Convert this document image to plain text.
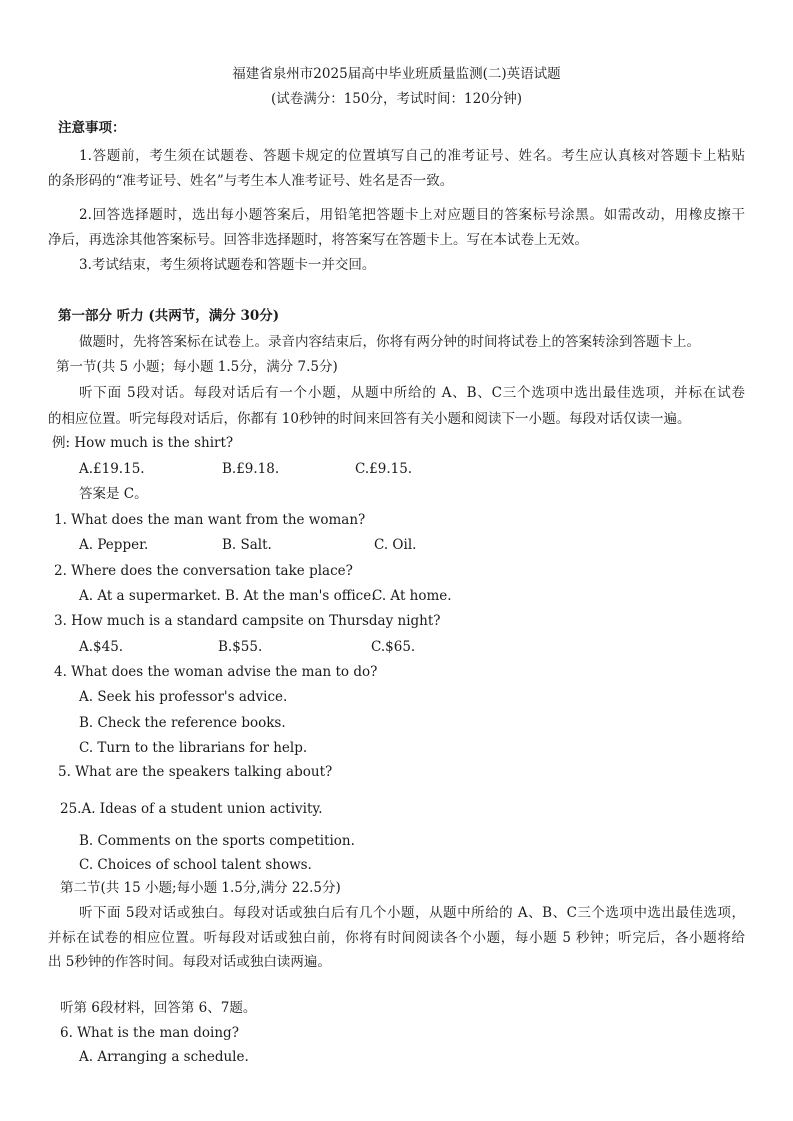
福建省泉州市2025届高中毕业班质量监测(二)英语试题
(试卷满分：150分，考试时间：120分钟)
注意事项：
1.答题前，考生须在试题卷、答题卡规定的位置填写自己的准考证号、姓名。考生应认真核对答题卡上粘贴
的条形码的“准考证号、姓名”与考生本人准考证号、姓名是否一致。
2.回答选择题时，选出每小题答案后，用铅笔把答题卡上对应题目的答案标号涂黑。如需改动，用橡皮擦干
净后，再选涂其他答案标号。回答非选择题时，将答案写在答题卡上。写在本试卷上无效。
3.考试结束，考生须将试题卷和答题卡一并交回。
第一部分 听力 (共两节，满分 30分)
做题时，先将答案标在试卷上。录音内容结束后，你将有两分钟的时间将试卷上的答案转涂到答题卡上。
第一节(共 5 小题；每小题 1.5分，满分 7.5分)
听下面 5段对话。每段对话后有一个小题，从题中所给的 A、B、C三个选项中选出最佳选项，并标在试卷
的相应位置。听完每段对话后，你都有 10秒钟的时间来回答有关小题和阅读下一小题。每段对话仅读一遍。
例: How much is the shirt?
A.£19.15.	B.£9.18.	C.£9.15.
答案是 C。
1. What does the man want from the woman?
A. Pepper.	B. Salt.	C. Oil.
2. Where does the conversation take place?
A. At a supermarket. B. At the man's office.
C. At home.
3. How much is a standard campsite on Thursday night?
A.$45.	B.$55.	C.$65.
4. What does the woman advise the man to do?
A. Seek his professor's advice.
B. Check the reference books.
C. Turn to the librarians for help.
5. What are the speakers talking about?
25.A. Ideas of a student union activity.
B. Comments on the sports competition.
C. Choices of school talent shows.
第二节(共 15 小题;每小题 1.5分,满分 22.5分)
听下面 5段对话或独白。每段对话或独白后有几个小题，从题中所给的 A、B、C三个选项中选出最佳选项，
并标在试卷的相应位置。听每段对话或独白前，你将有时间阅读各个小题，每小题 5 秒钟；听完后，各小题将给
出 5秒钟的作答时间。每段对话或独白读两遍。
听第 6段材料，回答第 6、7题。
6. What is the man doing?
A. Arranging a schedule.
